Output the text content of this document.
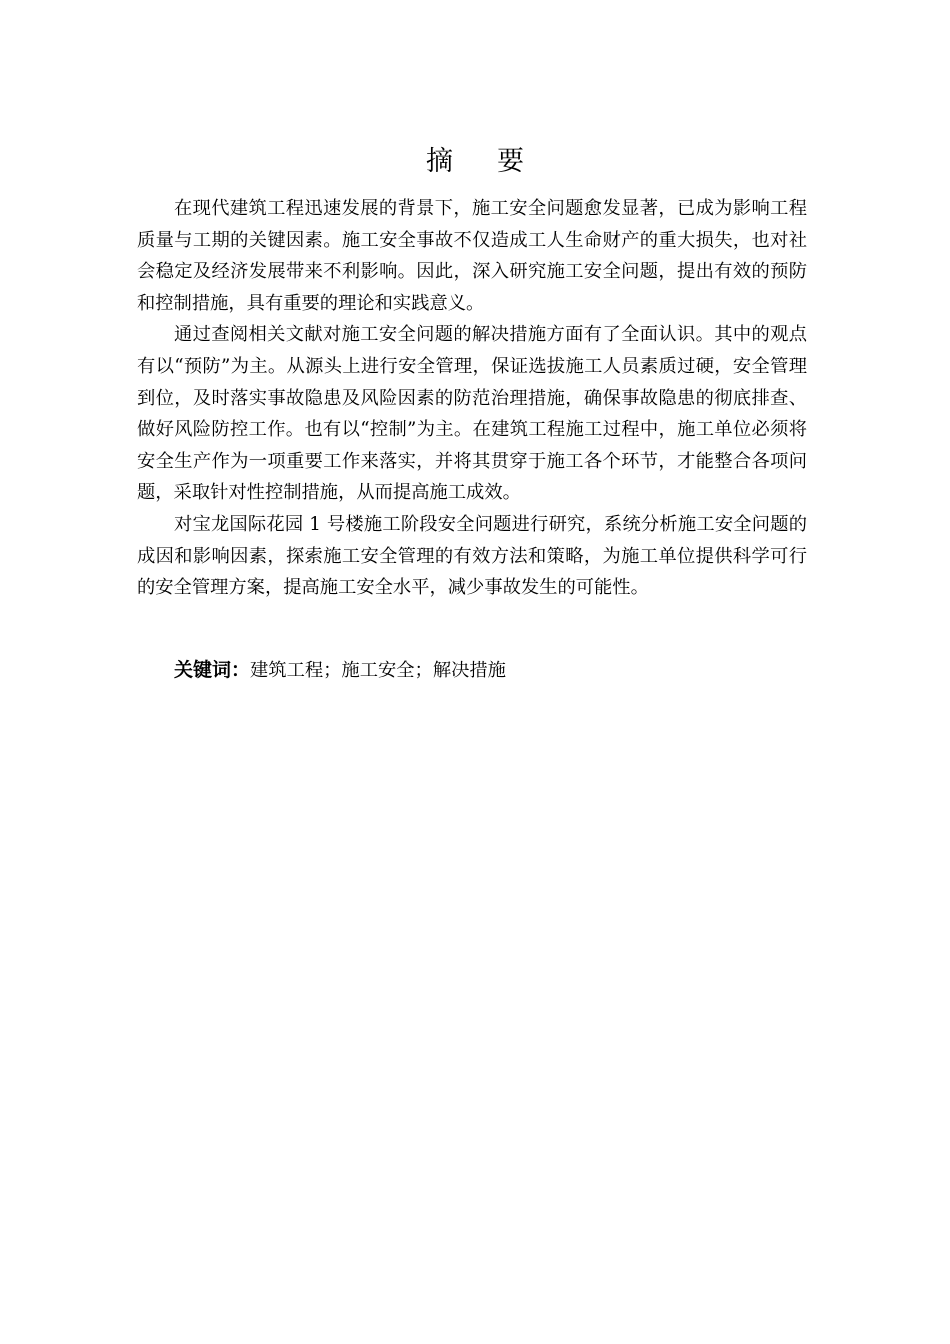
摘 要

在现代建筑工程迅速发展的背景下，施工安全问题愈发显著，已成为影响工程质量与工期的关键因素。施工安全事故不仅造成工人生命财产的重大损失，也对社会稳定及经济发展带来不利影响。因此，深入研究施工安全问题，提出有效的预防和控制措施，具有重要的理论和实践意义。

通过查阅相关文献对施工安全问题的解决措施方面有了全面认识。其中的观点有以“预防”为主。从源头上进行安全管理，保证选拔施工人员素质过硬，安全管理到位，及时落实事故隐患及风险因素的防范治理措施，确保事故隐患的彻底排查、做好风险防控工作。也有以“控制”为主。在建筑工程施工过程中，施工单位必须将安全生产作为一项重要工作来落实，并将其贯穿于施工各个环节，才能整合各项问题，采取针对性控制措施，从而提高施工成效。

对宝龙国际花园 1 号楼施工阶段安全问题进行研究，系统分析施工安全问题的成因和影响因素，探索施工安全管理的有效方法和策略，为施工单位提供科学可行的安全管理方案，提高施工安全水平，减少事故发生的可能性。

关键词：建筑工程；施工安全；解决措施
